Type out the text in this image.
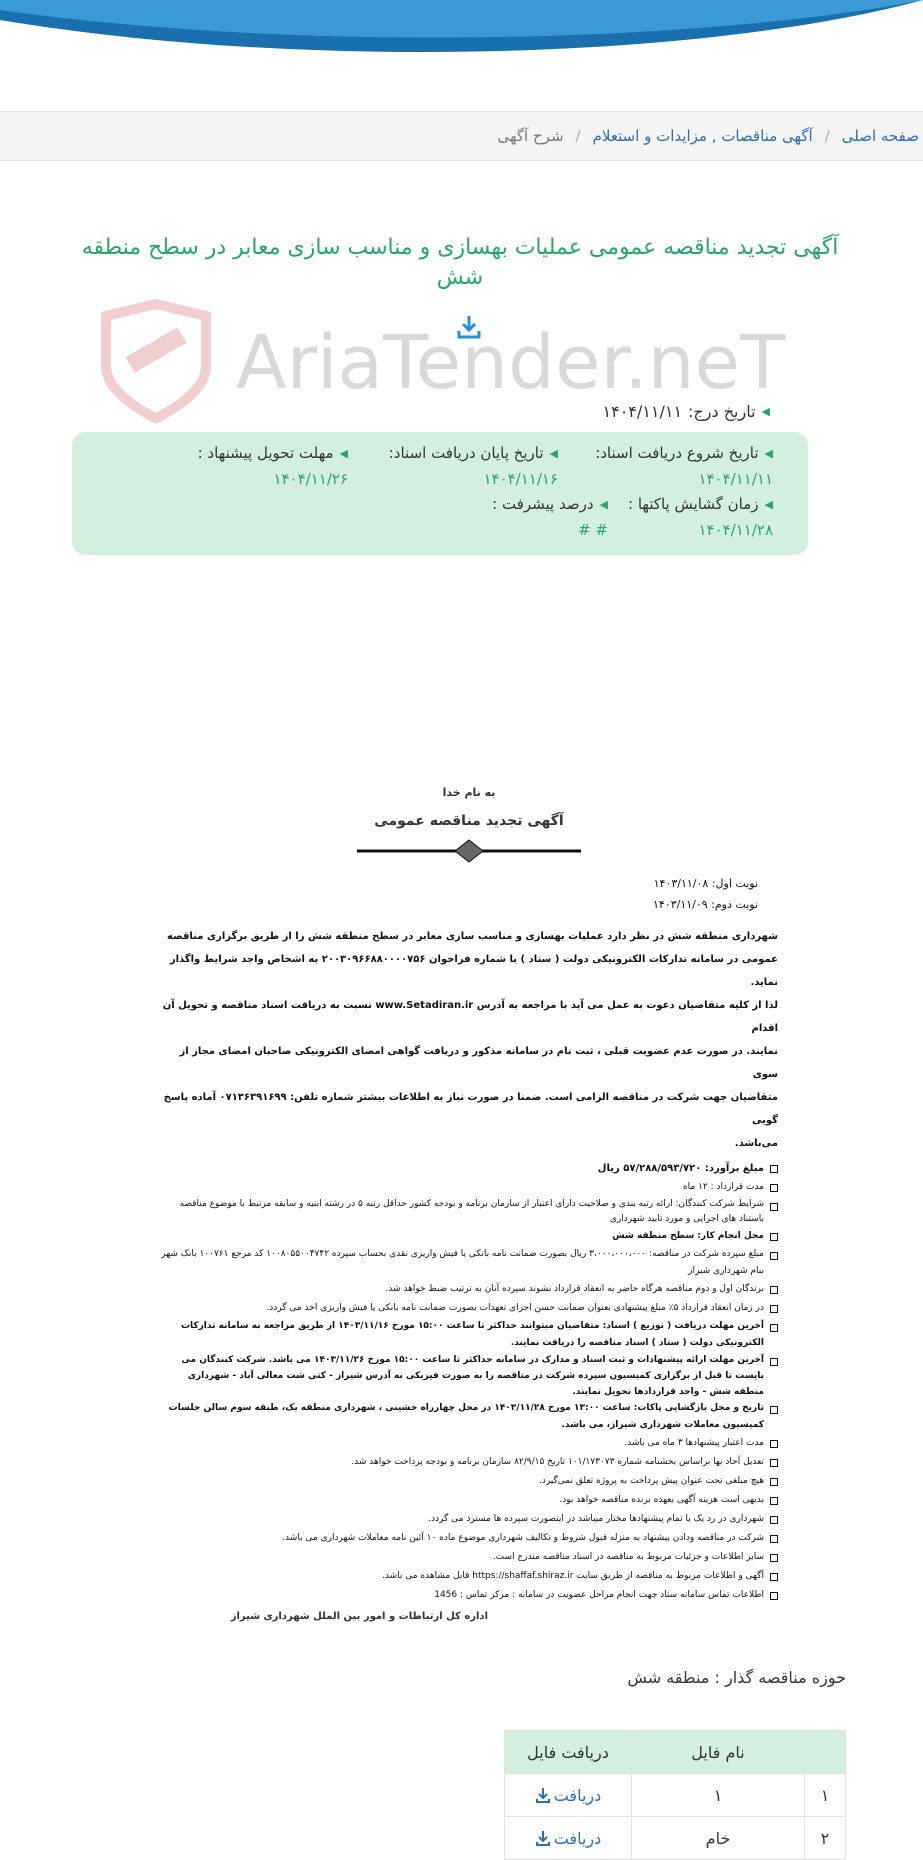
صفحه اصلی
/
آگهی مناقصات , مزایدات و استعلام
/
شرح آگهی
آگهی تجدید مناقصه عمومی عملیات بهسازی و مناسب سازی معابر در سطح منطقه شش
AriaTender.neT
◀
تاریخ درج:
۱۴۰۴/۱۱/۱۱
◀
تاریخ شروع دریافت اسناد:
۱۴۰۴/۱۱/۱۱
◀
تاریخ پایان دریافت اسناد:
۱۴۰۴/۱۱/۱۶
◀
مهلت تحویل پیشنهاد :
۱۴۰۴/۱۱/۲۶
◀
زمان گشایش پاکتها :
۱۴۰۴/۱۱/۲۸
◀
درصد پیشرفت :
# #

به نام خدا

آگهی تجدید مناقصه عمومی

نوبت اول: ۱۴۰۳/۱۱/۰۸

نوبت دوم: ۱۴۰۳/۱۱/۰۹

شهرداری منطقه شش در نظر دارد عملیات بهسازی و مناسب سازی معابر در سطح منطقه شش را از طریق برگزاری مناقصه

عمومی در سامانه تدارکات الکترونیکی دولت ( ستاد ) با شماره فراخوان ۲۰۰۳۰۹۶۶۸۸۰۰۰۰۷۵۶ به اشخاص واجد شرایط واگذار نماید.

لذا از کلیه متقاضیان دعوت به عمل می آید با مراجعه به آدرس www.Setadiran.ir نسبت به دریافت اسناد مناقصه و تحویل آن اقدام

نمایند. در صورت عدم عضویت قبلی ، ثبت نام در سامانه مذکور و دریافت گواهی امضای الکترونیکی صاحبان امضای مجاز از سوی

متقاضیان جهت شرکت در مناقصه الزامی است. ضمنا در صورت نیاز به اطلاعات بیشتر شماره تلفن: ۰۷۱۳۶۳۹۱۶۹۹ آماده پاسخ گویی

می‌باشد.

مبلغ برآورد: ۵۷/۲۸۸/۵۹۳/۷۲۰ ریال

مدت قرارداد : ۱۲ ماه

شرایط شرکت کنندگان: ارائه رتبه بندی و صلاحیت دارای اعتبار از سازمان برنامه و بودجه کشور حداقل رتبه ۵ در رشته ابنیه و سابقه مرتبط با موضوع مناقصه باستناد های اجرایی و مورد تایید شهرداری

محل انجام کار: سطح منطقه شش

مبلغ سپرده شرکت در مناقصه: ۳،۰۰۰،۰۰۰،۰۰۰ ریال بصورت ضمانت نامه بانکی یا فیش واریزی نقدی بحساب سپرده ۱۰۰۸۰۵۵۰۰۴۷۴۲ کد مرجع ۱۰۰۷۶۱ بانک شهر بنام شهرداری شیراز

برندگان اول و دوم مناقصه هرگاه حاضر به انعقاد قرارداد نشوند سپرده آنان به ترتیب ضبط خواهد شد.

در زمان انعقاد قرارداد ۵٪ مبلغ پیشنهادی بعنوان ضمانت حسن اجرای تعهدات بصورت ضمانت نامه بانکی یا فیش واریزی اخذ می گردد.

آخرین مهلت دریافت ( توزیع ) اسناد: متقاضیان میتوانند حداکثر تا ساعت ۱۵:۰۰ مورخ ۱۴۰۳/۱۱/۱۶ از طریق مراجعه به سامانه تدارکات الکترونیکی دولت ( ستاد ) اسناد مناقصه را دریافت نمایند.

آخرین مهلت ارائه پیشنهادات و ثبت اسناد و مدارک در سامانه حداکثر تا ساعت ۱۵:۰۰ مورخ ۱۴۰۳/۱۱/۲۶ می باشد. شرکت کنندگان می بایست تا قبل از برگزاری کمیسیون سپرده شرکت در مناقصه را به صورت فیزیکی به آدرس شیراز - کتی شت معالی آباد - شهرداری منطقه شش - واحد قراردادها تحویل نمایند.

تاریخ و محل بازگشایی پاکات: ساعت ۱۳:۰۰ مورخ ۱۴۰۳/۱۱/۲۸ در محل چهارراه خشینی ، شهرداری منطقه یک، طبقه سوم سالن جلسات کمیسیون معاملات شهرداری شیراز، می باشد.

مدت اعتبار پیشنهادها ۳ ماه می باشد.

تعدیل آحاد بها براساس بخشنامه شماره ۱۰۱/۱۷۳۰۷۳ تاریخ ۸۲/۹/۱۵ سازمان برنامه و بودجه پرداخت خواهد شد.

هیچ مبلغی تحت عنوان پیش پرداخت به پروژه تعلق نمی‌گیرد.

بدیهی است هزینه آگهی بعهده برنده مناقصه خواهد بود.

شهرداری در رد یک یا تمام پیشنهادها مختار میباشد در اینصورت سپرده ها مسترد می گردد.

شرکت در مناقصه ودادن پیشنهاد به منزله قبول شروط و تکالیف شهرداری موضوع ماده ۱۰ آئین نامه معاملات شهرداری می باشد.

سایر اطلاعات و جزئیات مربوط به مناقصه در اسناد مناقصه مندرج است.

آگهی و اطلاعات مربوط به مناقصه از طریق سایت https://shaffaf.shiraz.ir قابل مشاهده می باشد.

اطلاعات تماس سامانه ستاد جهت انجام مراحل عضویت در سامانه : مرکز تماس : 1456

اداره کل ارتباطات و امور بین الملل شهرداری شیراز

حوزه مناقصه گذار : منطقه شش
	نام فایل	دریافت فایل
۱	۱	دریافت

۲	خام	دریافت
